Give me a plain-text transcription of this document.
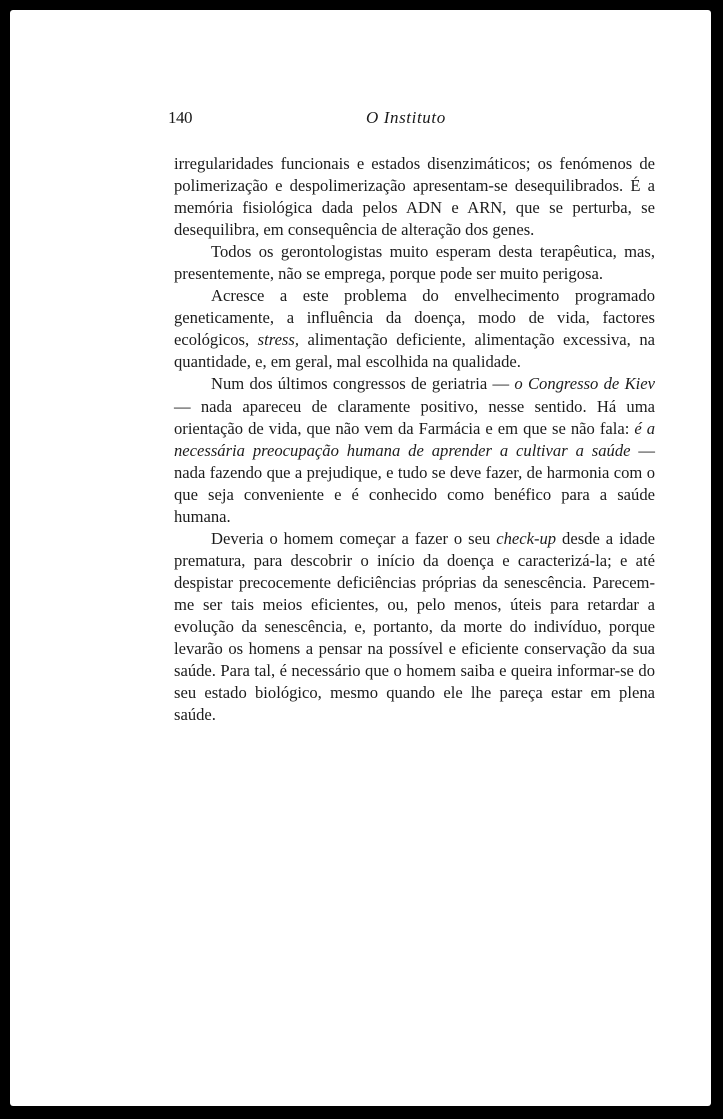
140	O Instituto

irregularidades funcionais e estados disenzimáticos; os fenómenos de polimerização e despolimerização apresentam-se desequilibrados. É a memória fisiológica dada pelos ADN e ARN, que se perturba, se desequilibra, em consequência de alteração dos genes.

Todos os gerontologistas muito esperam desta terapêutica, mas, presentemente, não se emprega, porque pode ser muito perigosa.

Acresce a este problema do envelhecimento programado geneticamente, a influência da doença, modo de vida, factores ecológicos, stress, alimentação deficiente, alimentação excessiva, na quantidade, e, em geral, mal escolhida na qualidade.

Num dos últimos congressos de geriatria — o Congresso de Kiev — nada apareceu de claramente positivo, nesse sentido. Há uma orientação de vida, que não vem da Farmácia e em que se não fala: é a necessária preocupação humana de aprender a cultivar a saúde — nada fazendo que a prejudique, e tudo se deve fazer, de harmonia com o que seja conveniente e é conhecido como benéfico para a saúde humana.

Deveria o homem começar a fazer o seu check-up desde a idade prematura, para descobrir o início da doença e caracterizá-la; e até despistar precocemente deficiências próprias da senescência. Parecem-me ser tais meios eficientes, ou, pelo menos, úteis para retardar a evolução da senescência, e, portanto, da morte do indivíduo, porque levarão os homens a pensar na possível e eficiente conservação da sua saúde. Para tal, é necessário que o homem saiba e queira informar-se do seu estado biológico, mesmo quando ele lhe pareça estar em plena saúde.
